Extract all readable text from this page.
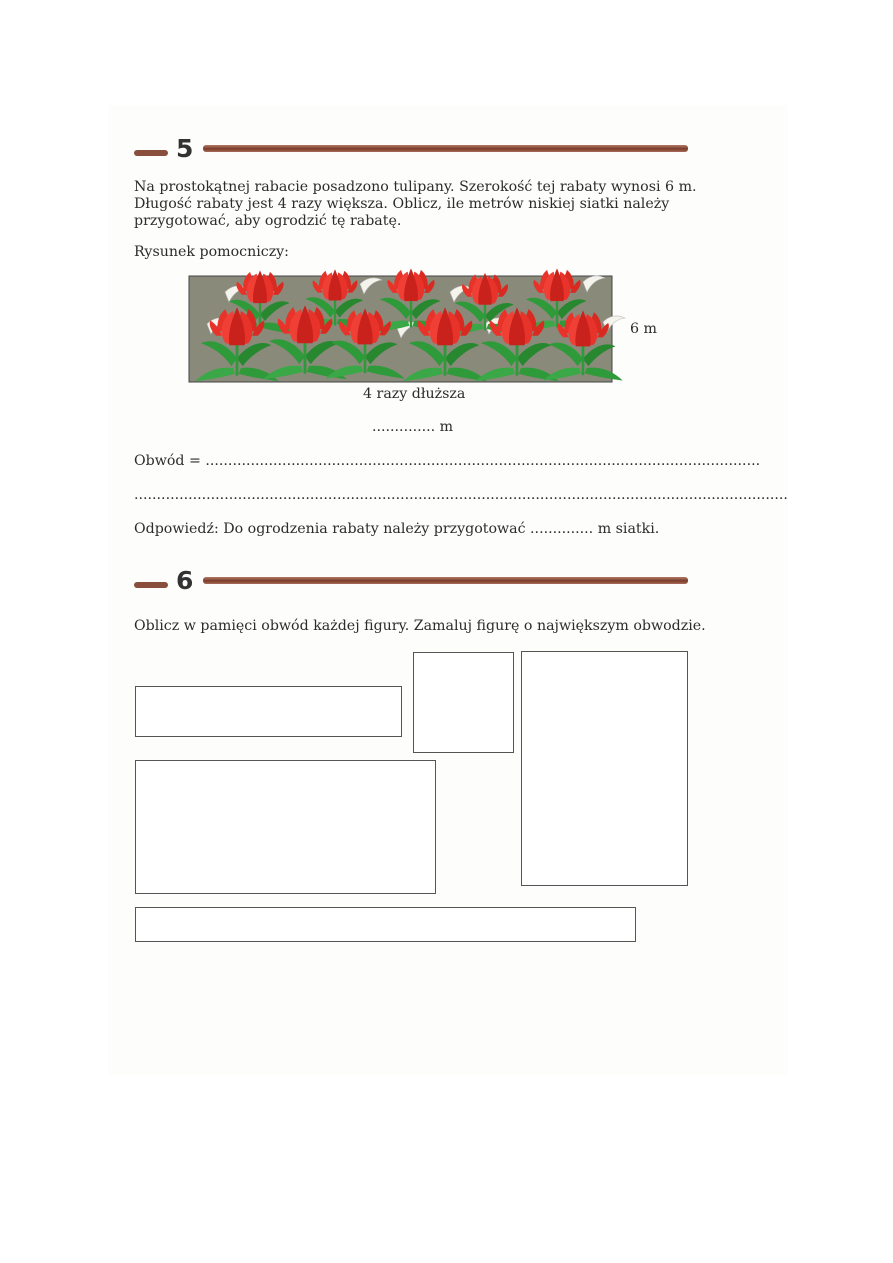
5
Na prostokątnej rabacie posadzono tulipany. Szerokość tej rabaty wynosi 6 m.
Długość rabaty jest 4 razy większa. Oblicz, ile metrów niskiej siatki należy
przygotować, aby ogrodzić tę rabatę.
Rysunek pomocniczy:
6 m
4 razy dłuższa
.............. m
Obwód = ...........................................................................................................................
.................................................................................................................................................
Odpowiedź: Do ogrodzenia rabaty należy przygotować .............. m siatki.
6
Oblicz w pamięci obwód każdej figury. Zamaluj figurę o największym obwodzie.
